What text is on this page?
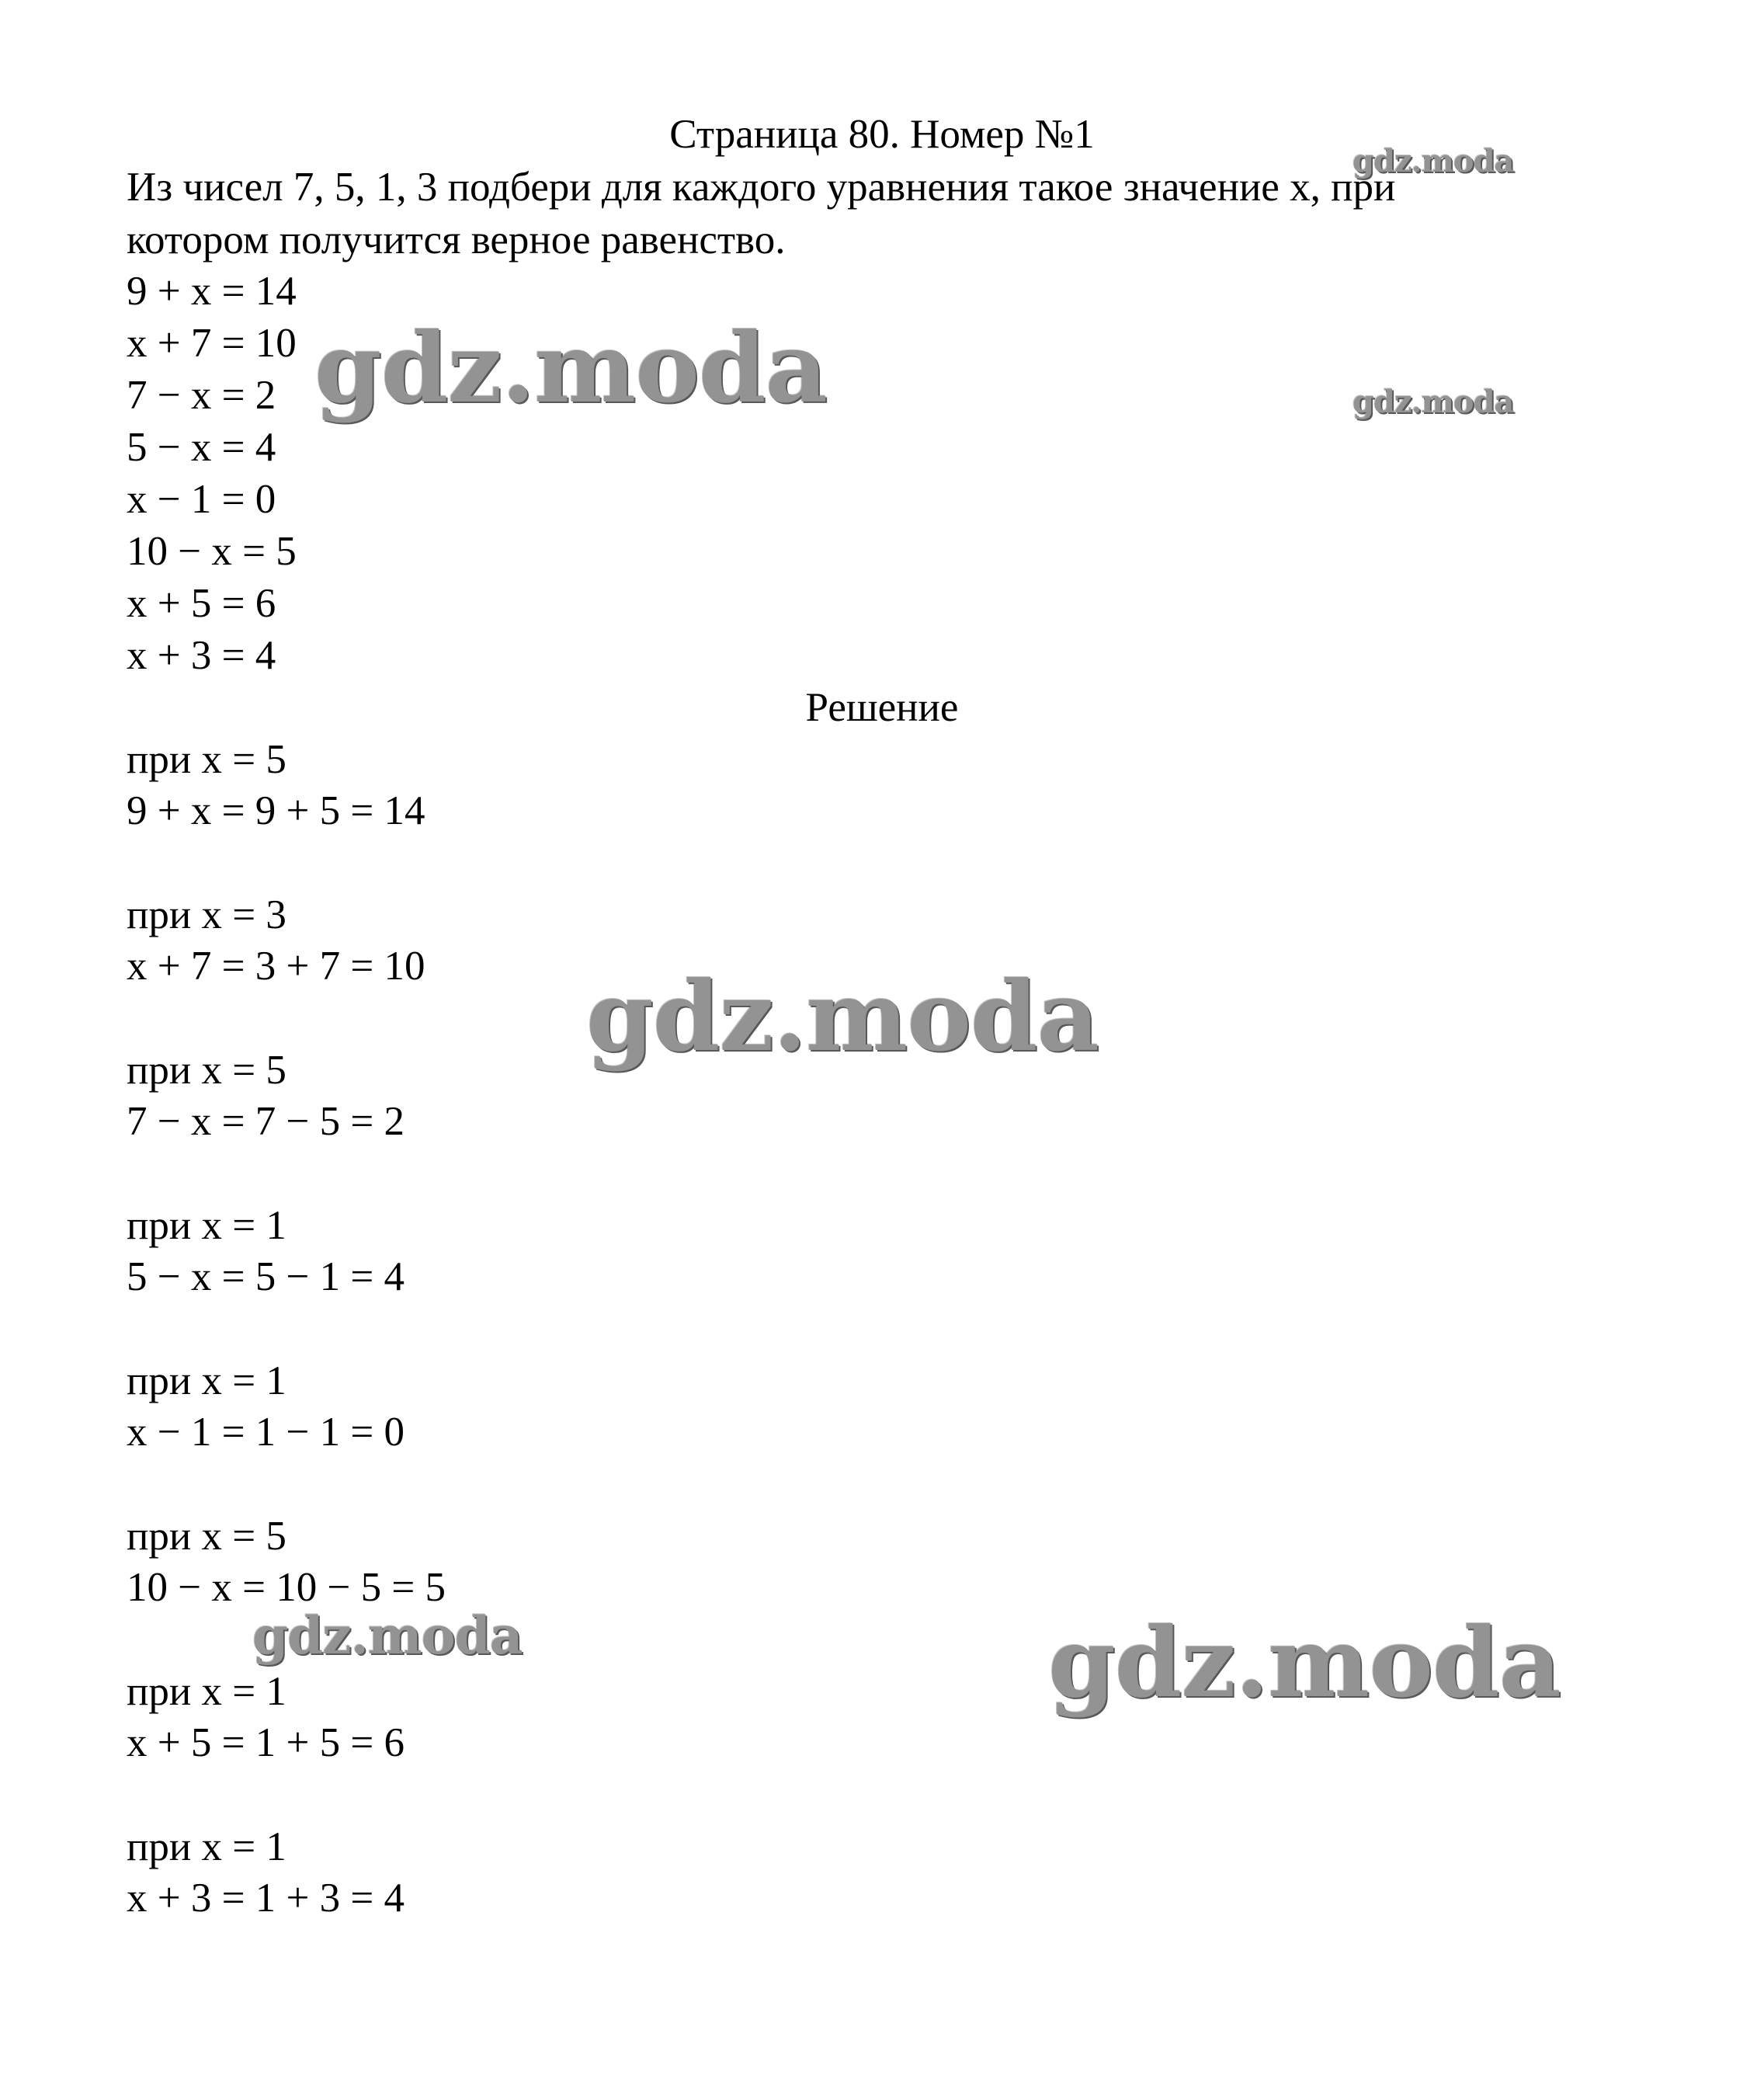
Страница 80. Номер №1
Из чисел 7, 5, 1, 3 подбери для каждого уравнения такое значение x, при
котором получится верное равенство.
9 + x = 14
x + 7 = 10
7 − x = 2
5 − x = 4
x − 1 = 0
10 − x = 5
x + 5 = 6
x + 3 = 4
Решение
при x = 5
9 + x = 9 + 5 = 14
при x = 3
x + 7 = 3 + 7 = 10
при x = 5
7 − x = 7 − 5 = 2
при x = 1
5 − x = 5 − 1 = 4
при x = 1
x − 1 = 1 − 1 = 0
при x = 5
10 − x = 10 − 5 = 5
при x = 1
x + 5 = 1 + 5 = 6
при x = 1
x + 3 = 1 + 3 = 4
gdz.moda
gdz.moda	gdz.moda
gdz.moda
gdz.moda	gdz.moda
